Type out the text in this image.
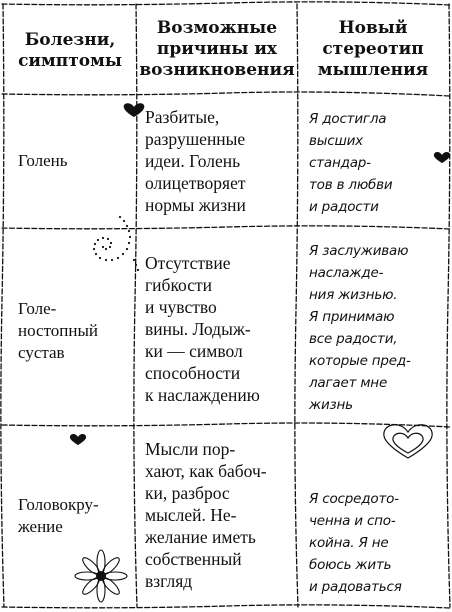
Болезни,
симптомы
Возможные
причины их
возникновения
Новый
стереотип
мышления
Голень
Разбитые,
разрушенные
идеи. Голень
олицетворяет
нормы жизни
Я достигла
высших
стандар-
тов в любви
и радости
Голе-
ностопный
сустав
Отсутствие
гибкости
и чувство
вины. Лодыж-
ки — символ
способности
к наслаждению
Я заслуживаю
наслажде-
ния жизнью.
Я принимаю
все радости,
которые пред-
лагает мне
жизнь
Головокру-
жение
Мысли пор-
хают, как бабоч-
ки, разброс
мыслей. Не-
желание иметь
собственный
взгляд
Я сосредото-
ченна и спо-
койна. Я не
боюсь жить
и радоваться
